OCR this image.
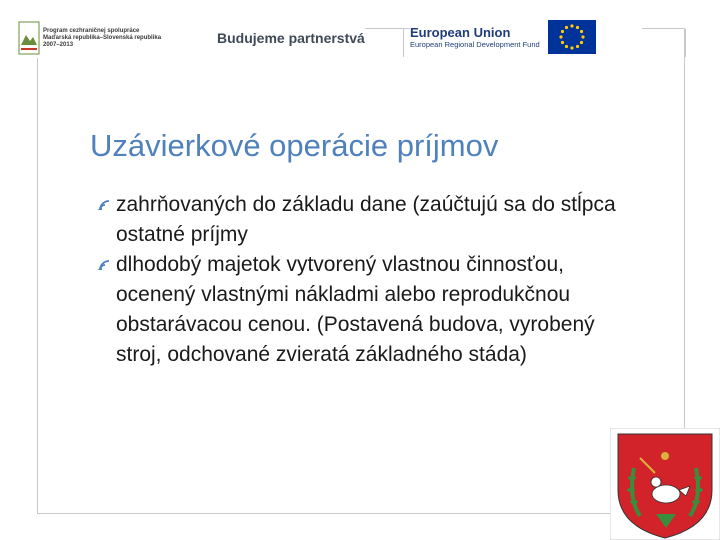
Program cezhraničnej spolupráce
Maďarská republika–Slovenská republika
2007–2013	Budujeme partnerstvá	European Union
European Regional Development Fund
Uzávierkové operácie príjmov
zahrňovaných do základu dane (zaúčtujú sa do stĺpca ostatné príjmy
dlhodobý majetok vytvorený vlastnou činnosťou, ocenený vlastnými nákladmi alebo reprodukčnou obstarávacou cenou. (Postavená budova, vyrobený stroj, odchované zvieratá základného stáda)
